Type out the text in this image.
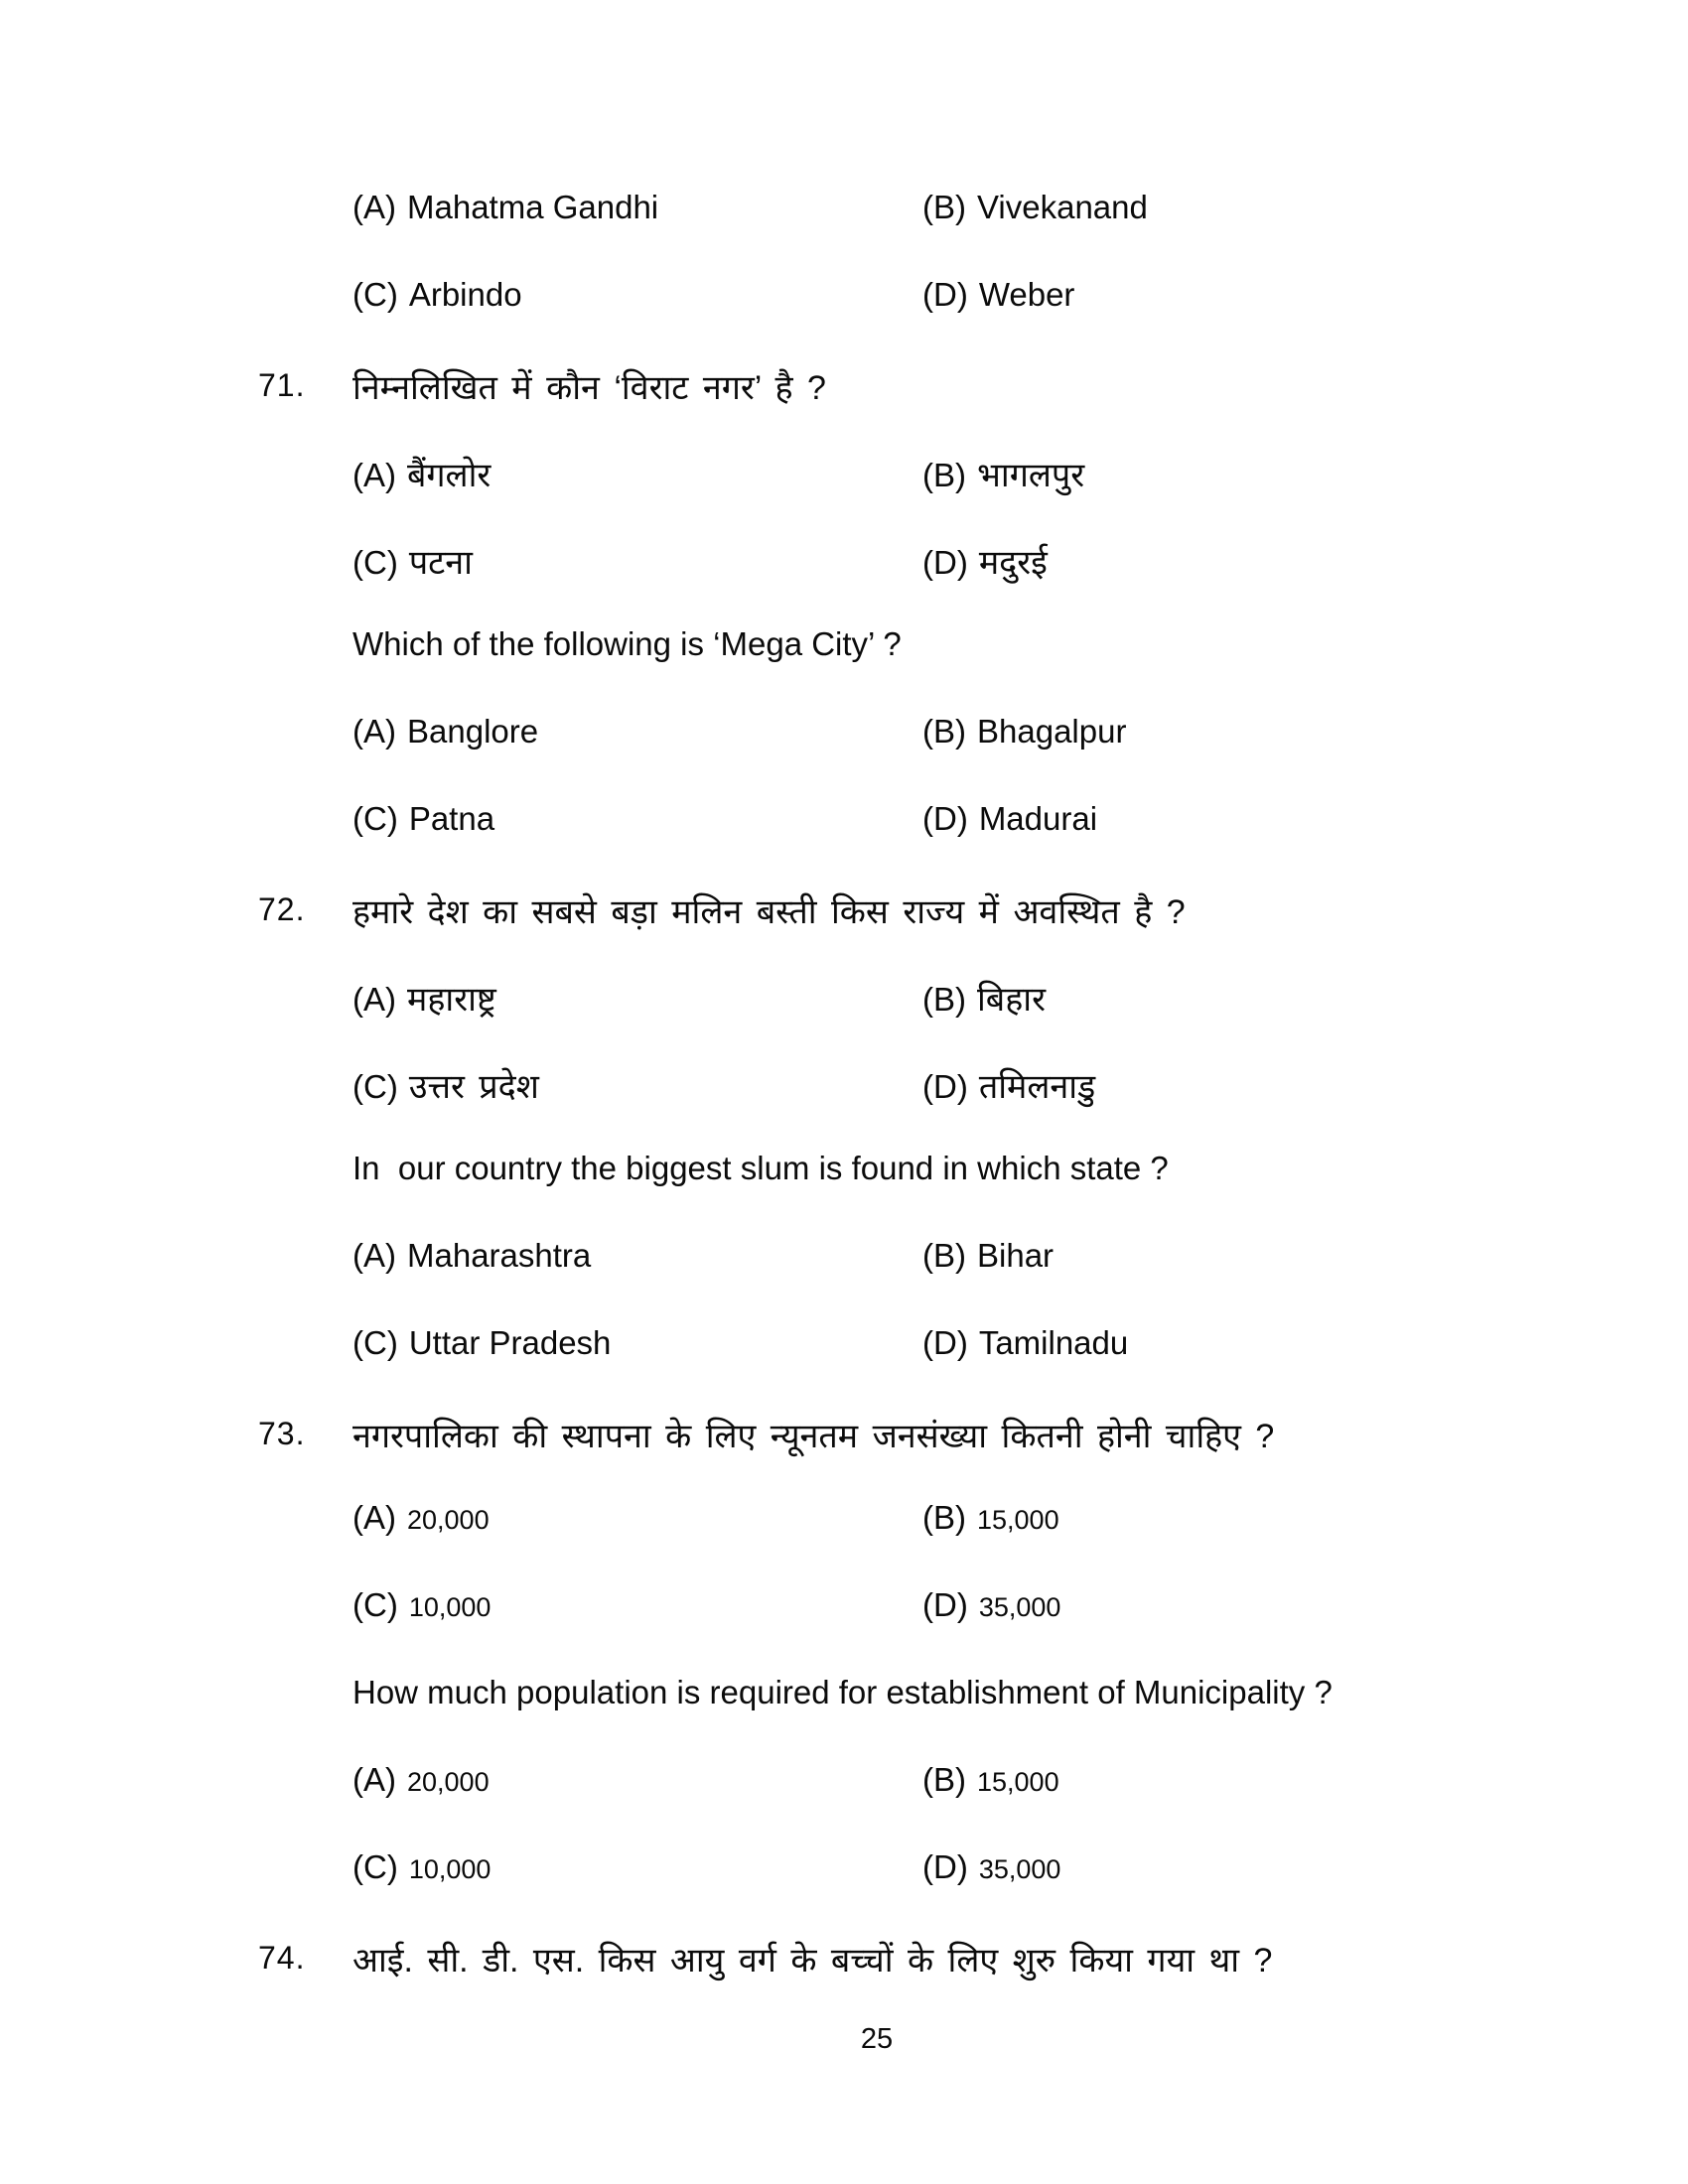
(A) Mahatma Gandhi	(B) Vivekanand
(C) Arbindo	(D) Weber
71. निम्नलिखित में कौन ‘विराट नगर’ है ?
(A) बैंगलोर	(B) भागलपुर
(C) पटना	(D) मदुरई
Which of the following is ‘Mega City’ ?
(A) Banglore	(B) Bhagalpur
(C) Patna	(D) Madurai
72. हमारे देश का सबसे बड़ा मलिन बस्ती किस राज्य में अवस्थित है ?
(A) महाराष्ट्र	(B) बिहार
(C) उत्तर प्रदेश	(D) तमिलनाडु
In  our country the biggest slum is found in which state ?
(A) Maharashtra	(B) Bihar
(C) Uttar Pradesh	(D) Tamilnadu
73. नगरपालिका की स्थापना के लिए न्यूनतम जनसंख्या कितनी होनी चाहिए ?
(A) 20,000	(B) 15,000
(C) 10,000	(D) 35,000
How much population is required for establishment of Municipality ?
(A) 20,000	(B) 15,000
(C) 10,000	(D) 35,000
74. आई. सी. डी. एस. किस आयु वर्ग के बच्चों के लिए शुरु किया गया था ?
25
